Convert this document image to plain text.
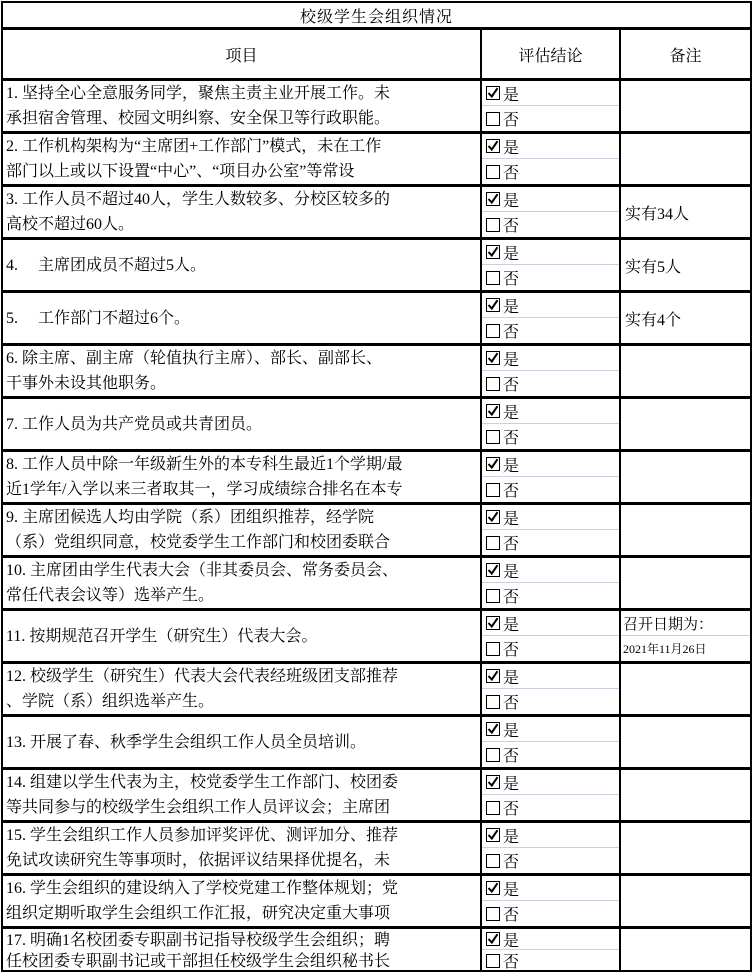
校级学生会组织情况
项目	评估结论	备注
1. 坚持全心全意服务同学，聚焦主责主业开展工作。未
承担宿舍管理、校园文明纠察、安全保卫等行政职能。
是
否
2. 工作机构架构为“主席团+工作部门”模式，未在工作
部门以上或以下设置“中心”、“项目办公室”等常设
是
否
3. 工作人员不超过40人，学生人数较多、分校区较多的
高校不超过60人。
是
否
实有34人
4.　 主席团成员不超过5人。
是
否
实有5人
5.　 工作部门不超过6个。
是
否
实有4个
6. 除主席、副主席（轮值执行主席）、部长、副部长、
干事外未设其他职务。
是
否
7. 工作人员为共产党员或共青团员。
是
否
8. 工作人员中除一年级新生外的本专科生最近1个学期/最
近1学年/入学以来三者取其一，学习成绩综合排名在本专
是
否
9. 主席团候选人均由学院（系）团组织推荐，经学院
（系）党组织同意，校党委学生工作部门和校团委联合
是
否
10. 主席团由学生代表大会（非其委员会、常务委员会、
常任代表会议等）选举产生。
是
否
11. 按期规范召开学生（研究生）代表大会。
是
否
召开日期为：
2021年11月26日
12. 校级学生（研究生）代表大会代表经班级团支部推荐
、学院（系）组织选举产生。
是
否
13. 开展了春、秋季学生会组织工作人员全员培训。
是
否
14. 组建以学生代表为主，校党委学生工作部门、校团委
等共同参与的校级学生会组织工作人员评议会；主席团
是
否
15. 学生会组织工作人员参加评奖评优、测评加分、推荐
免试攻读研究生等事项时，依据评议结果择优提名，未
是
否
16. 学生会组织的建设纳入了学校党建工作整体规划；党
组织定期听取学生会组织工作汇报，研究决定重大事项
是
否
17. 明确1名校团委专职副书记指导校级学生会组织；聘
任校团委专职副书记或干部担任校级学生会组织秘书长
是
否
